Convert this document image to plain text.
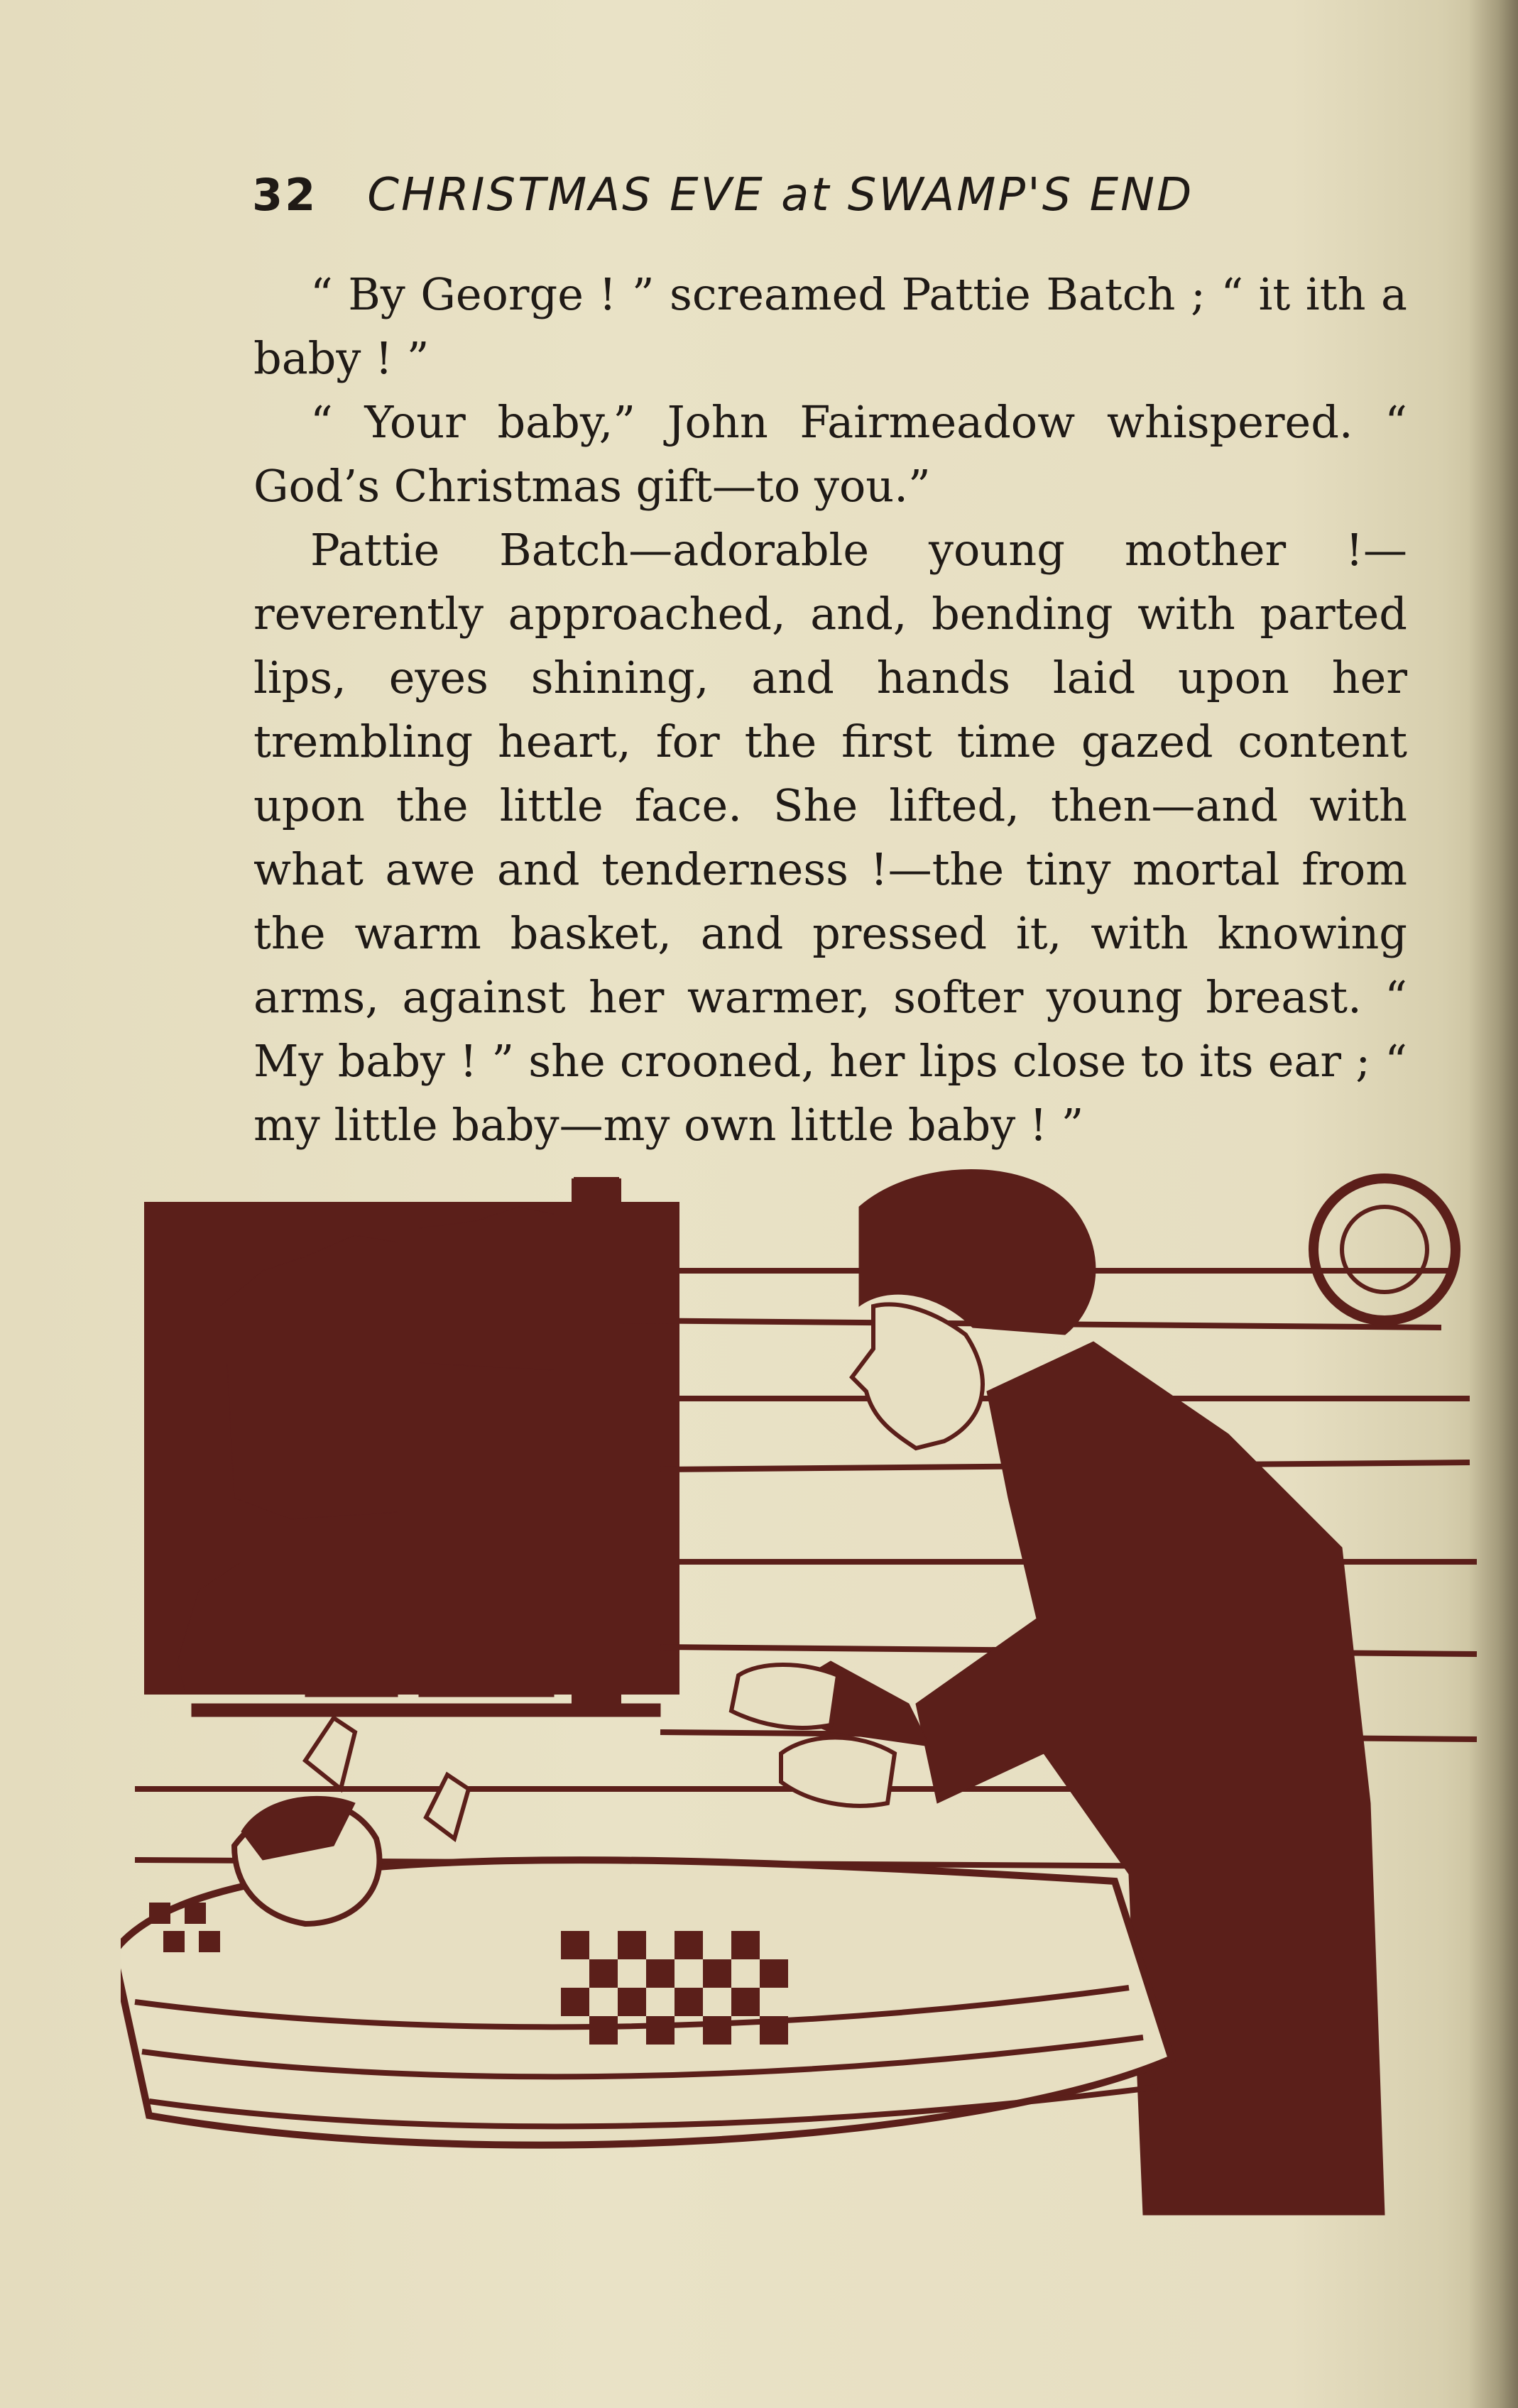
32 CHRISTMAS EVE at SWAMP'S END

“ By George ! ” screamed Pattie Batch ; “ it ith a baby ! ”

“ Your baby,” John Fairmeadow whispered. “ God’s Christmas gift—to you.”

Pattie Batch—adorable young mother !—reverently approached, and, bending with parted lips, eyes shining, and hands laid upon her trembling heart, for the first time gazed content upon the little face. She lifted, then—and with what awe and tenderness !—the tiny mortal from the warm basket, and pressed it, with knowing arms, against her warmer, softer young breast. “ My baby ! ” she crooned, her lips close to its ear ; “ my little baby—my own little baby ! ”
